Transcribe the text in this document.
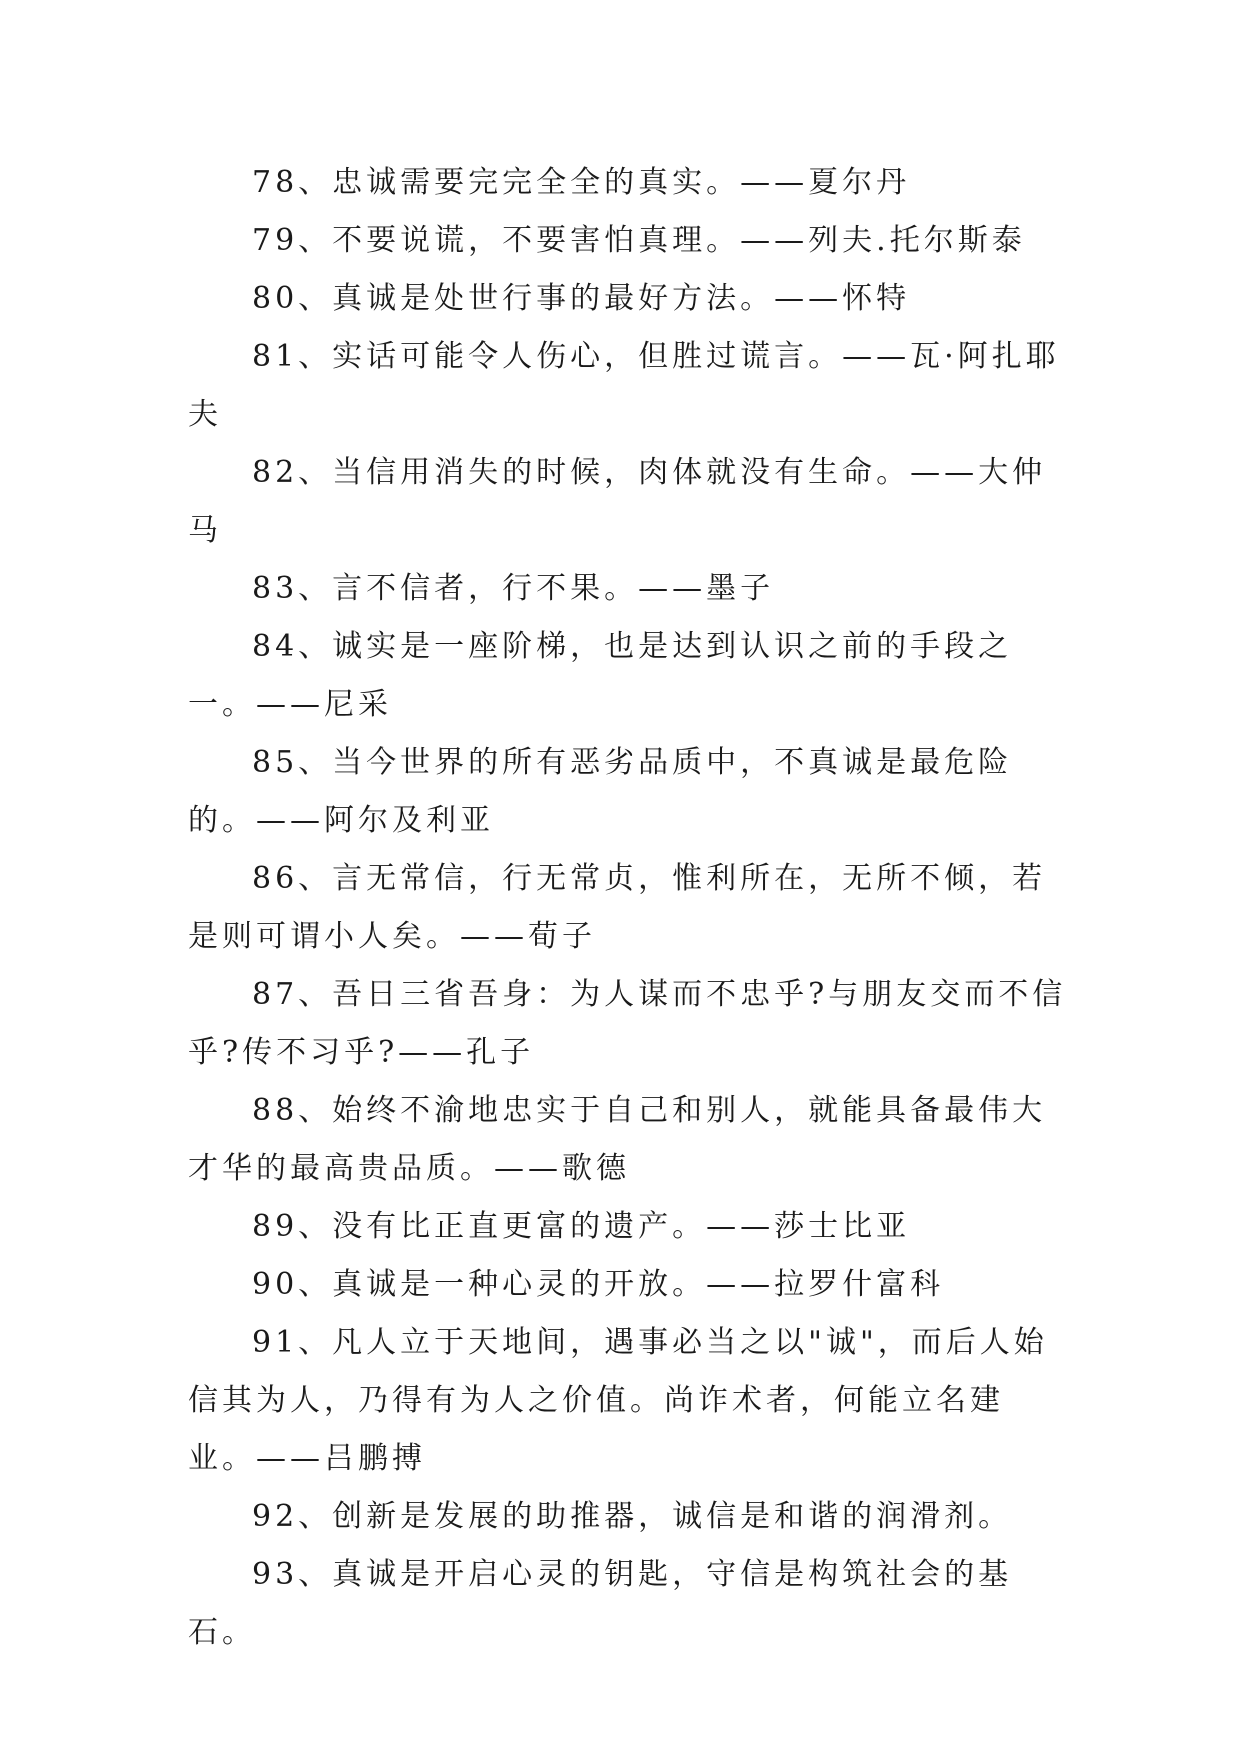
78、忠诚需要完完全全的真实。——夏尔丹

79、不要说谎，不要害怕真理。——列夫.托尔斯泰

80、真诚是处世行事的最好方法。——怀特

81、实话可能令人伤心，但胜过谎言。——瓦·阿扎耶夫

82、当信用消失的时候，肉体就没有生命。——大仲马

83、言不信者，行不果。——墨子

84、诚实是一座阶梯，也是达到认识之前的手段之一。——尼采

85、当今世界的所有恶劣品质中，不真诚是最危险的。——阿尔及利亚

86、言无常信，行无常贞，惟利所在，无所不倾，若是则可谓小人矣。——荀子

87、吾日三省吾身：为人谋而不忠乎?与朋友交而不信乎?传不习乎?——孔子

88、始终不渝地忠实于自己和别人，就能具备最伟大才华的最高贵品质。——歌德

89、没有比正直更富的遗产。——莎士比亚

90、真诚是一种心灵的开放。——拉罗什富科

91、凡人立于天地间，遇事必当之以"诚"，而后人始信其为人，乃得有为人之价值。尚诈术者，何能立名建业。——吕鹏搏

92、创新是发展的助推器，诚信是和谐的润滑剂。

93、真诚是开启心灵的钥匙，守信是构筑社会的基石。
